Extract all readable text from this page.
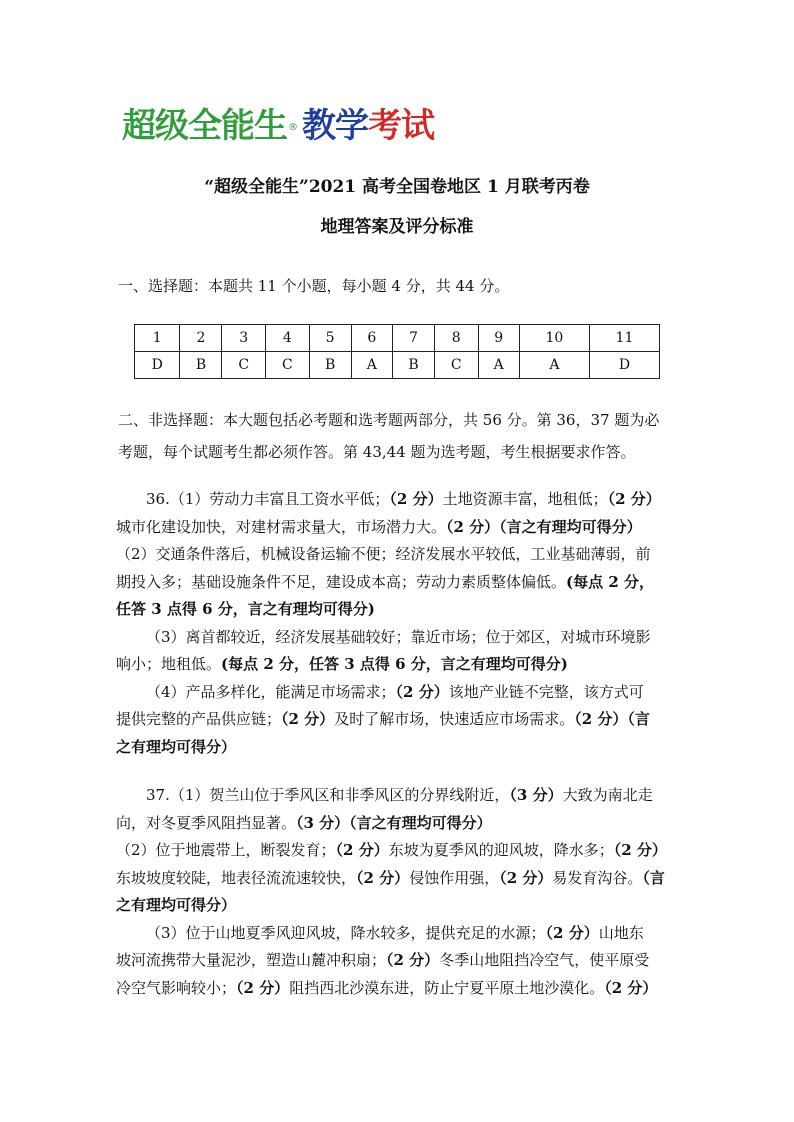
超级全能生® 教学考试
“超级全能生”2021 高考全国卷地区 1 月联考丙卷
地理答案及评分标准
一、选择题：本题共 11 个小题，每小题 4 分，共 44 分。
1	2	3	4	5	6	7	8	9	10	11
D	B	C	C	B	A	B	C	A	A	D
二、非选择题：本大题包括必考题和选考题两部分，共 56 分。第 36，37 题为必
考题，每个试题考生都必须作答。第 43,44 题为选考题，考生根据要求作答。
36.（1）劳动力丰富且工资水平低；（2 分）土地资源丰富，地租低；（2 分）
城市化建设加快，对建材需求量大，市场潜力大。（2 分）（言之有理均可得分）
（2）交通条件落后，机械设备运输不便；经济发展水平较低，工业基础薄弱，前
期投入多；基础设施条件不足，建设成本高；劳动力素质整体偏低。(每点 2 分，
任答 3 点得 6 分，言之有理均可得分)
（3）离首都较近，经济发展基础较好；靠近市场；位于郊区，对城市环境影
响小；地租低。(每点 2 分，任答 3 点得 6 分，言之有理均可得分)
（4）产品多样化，能满足市场需求；（2 分）该地产业链不完整，该方式可
提供完整的产品供应链；（2 分）及时了解市场，快速适应市场需求。（2 分）（言
之有理均可得分）
37.（1）贺兰山位于季风区和非季风区的分界线附近，（3 分）大致为南北走
向，对冬夏季风阻挡显著。（3 分）（言之有理均可得分）
（2）位于地震带上，断裂发育；（2 分）东坡为夏季风的迎风坡，降水多；（2 分）
东坡坡度较陡，地表径流流速较快，（2 分）侵蚀作用强，（2 分）易发育沟谷。（言
之有理均可得分）
（3）位于山地夏季风迎风坡，降水较多，提供充足的水源；（2 分）山地东
坡河流携带大量泥沙，塑造山麓冲积扇；（2 分）冬季山地阻挡冷空气，使平原受
冷空气影响较小；（2 分）阻挡西北沙漠东进，防止宁夏平原土地沙漠化。（2 分）
